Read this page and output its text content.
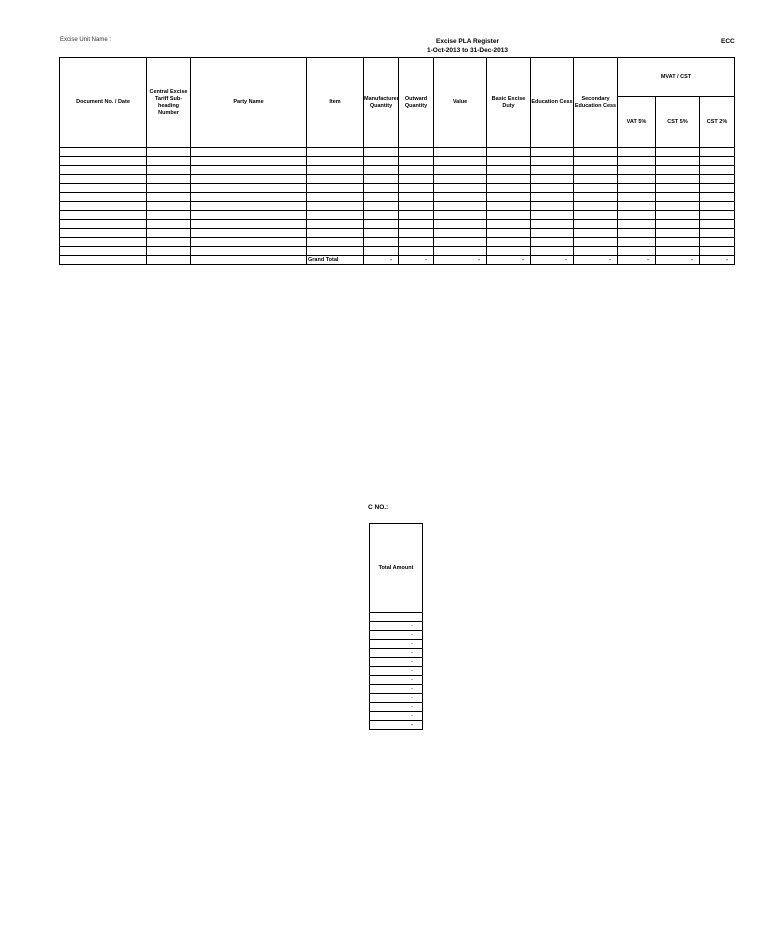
Excise Unit Name :	Excise PLA Register
1-Oct-2013 to 31-Dec-2013
ECC
Document No. / Date	Central Excise Tariff Sub-heading Number	Party Name	Item	Manufacturer Quantity	Outward Quantity	Value	Basic Excise Duty	Education Cess	Secondary Education Cess	MVAT / CST		
										VAT 5%	CST 5%	CST 2%

			Grand Total	-	-	-	-	-	-	-	-	-
C NO.:
Total Amount

-
-
-
-
-
-
-
-
-
-
-
-
